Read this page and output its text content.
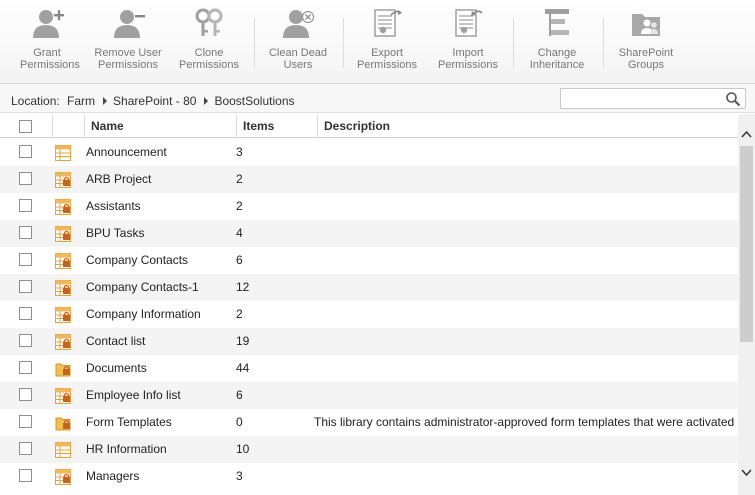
Grant
Permissions
Remove User
Permissions
Clone
Permissions
Clean Dead
Users
Export
Permissions
Import
Permissions
Change
Inheritance
SharePoint
Groups
Location: Farm SharePoint - 80 BoostSolutions
Name	Items	Description
Announcement	3
ARB Project	2
Assistants	2
BPU Tasks	4
Company Contacts	6
Company Contacts-1	12
Company Information	2
Contact list	19
Documents	44
Employee Info list	6
Form Templates	0	This library contains administrator-approved form templates that were activated
HR Information	10
Managers	3
